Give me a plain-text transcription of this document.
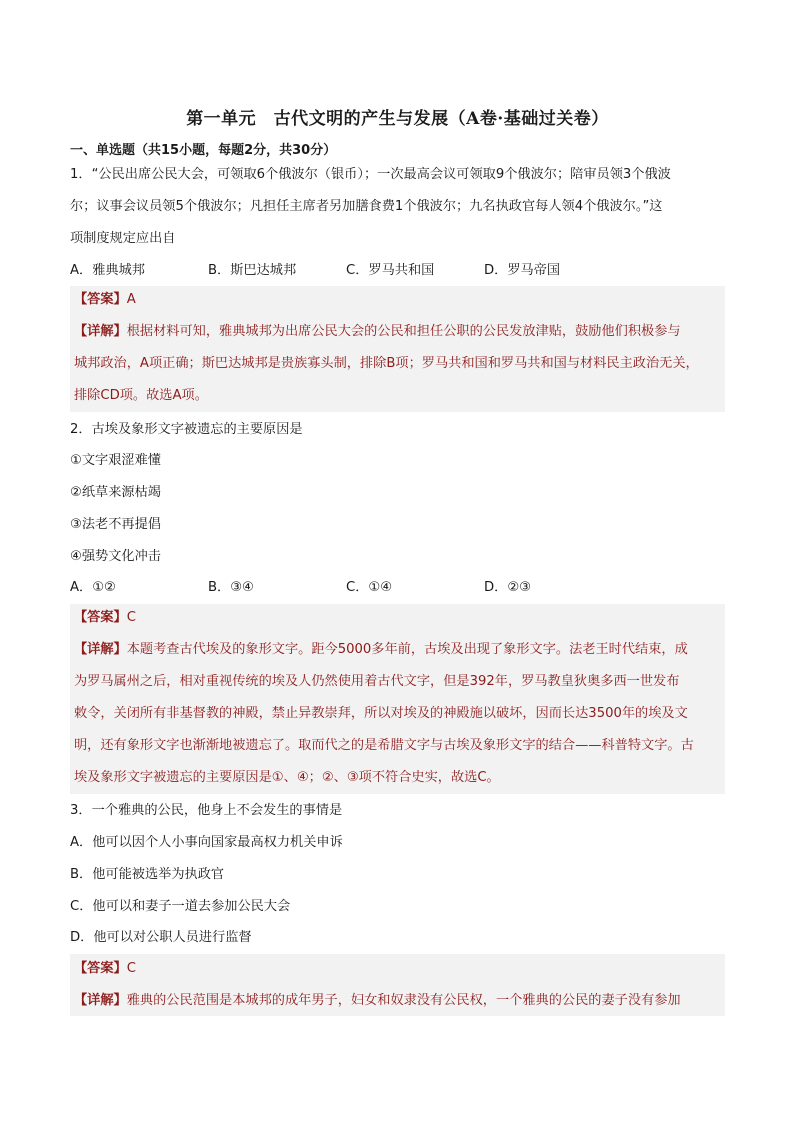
第一单元　古代文明的产生与发展（A卷·基础过关卷）
一、单选题（共15小题，每题2分，共30分）
1．“公民出席公民大会，可领取6个俄波尔（银币）；一次最高会议可领取9个俄波尔；陪审员领3个俄波
尔；议事会议员领5个俄波尔；凡担任主席者另加膳食费1个俄波尔；九名执政官每人领4个俄波尔。”这
项制度规定应出自
A．雅典城邦	B．斯巴达城邦	C．罗马共和国	D．罗马帝国
【答案】A
【详解】根据材料可知，雅典城邦为出席公民大会的公民和担任公职的公民发放津贴，鼓励他们积极参与
城邦政治，A项正确；斯巴达城邦是贵族寡头制，排除B项；罗马共和国和罗马共和国与材料民主政治无关，
排除CD项。故选A项。
2．古埃及象形文字被遗忘的主要原因是
①文字艰涩难懂
②纸草来源枯竭
③法老不再提倡
④强势文化冲击
A．①②	B．③④	C．①④	D．②③
【答案】C
【详解】本题考查古代埃及的象形文字。距今5000多年前，古埃及出现了象形文字。法老王时代结束，成
为罗马属州之后，相对重视传统的埃及人仍然使用着古代文字，但是392年，罗马教皇狄奥多西一世发布
敕令，关闭所有非基督教的神殿，禁止异教崇拜，所以对埃及的神殿施以破坏，因而长达3500年的埃及文
明，还有象形文字也渐渐地被遗忘了。取而代之的是希腊文字与古埃及象形文字的结合——科普特文字。古
埃及象形文字被遗忘的主要原因是①、④；②、③项不符合史实，故选C。
3．一个雅典的公民，他身上不会发生的事情是
A．他可以因个人小事向国家最高权力机关申诉
B．他可能被选举为执政官
C．他可以和妻子一道去参加公民大会
D．他可以对公职人员进行监督
【答案】C
【详解】雅典的公民范围是本城邦的成年男子，妇女和奴隶没有公民权，一个雅典的公民的妻子没有参加
